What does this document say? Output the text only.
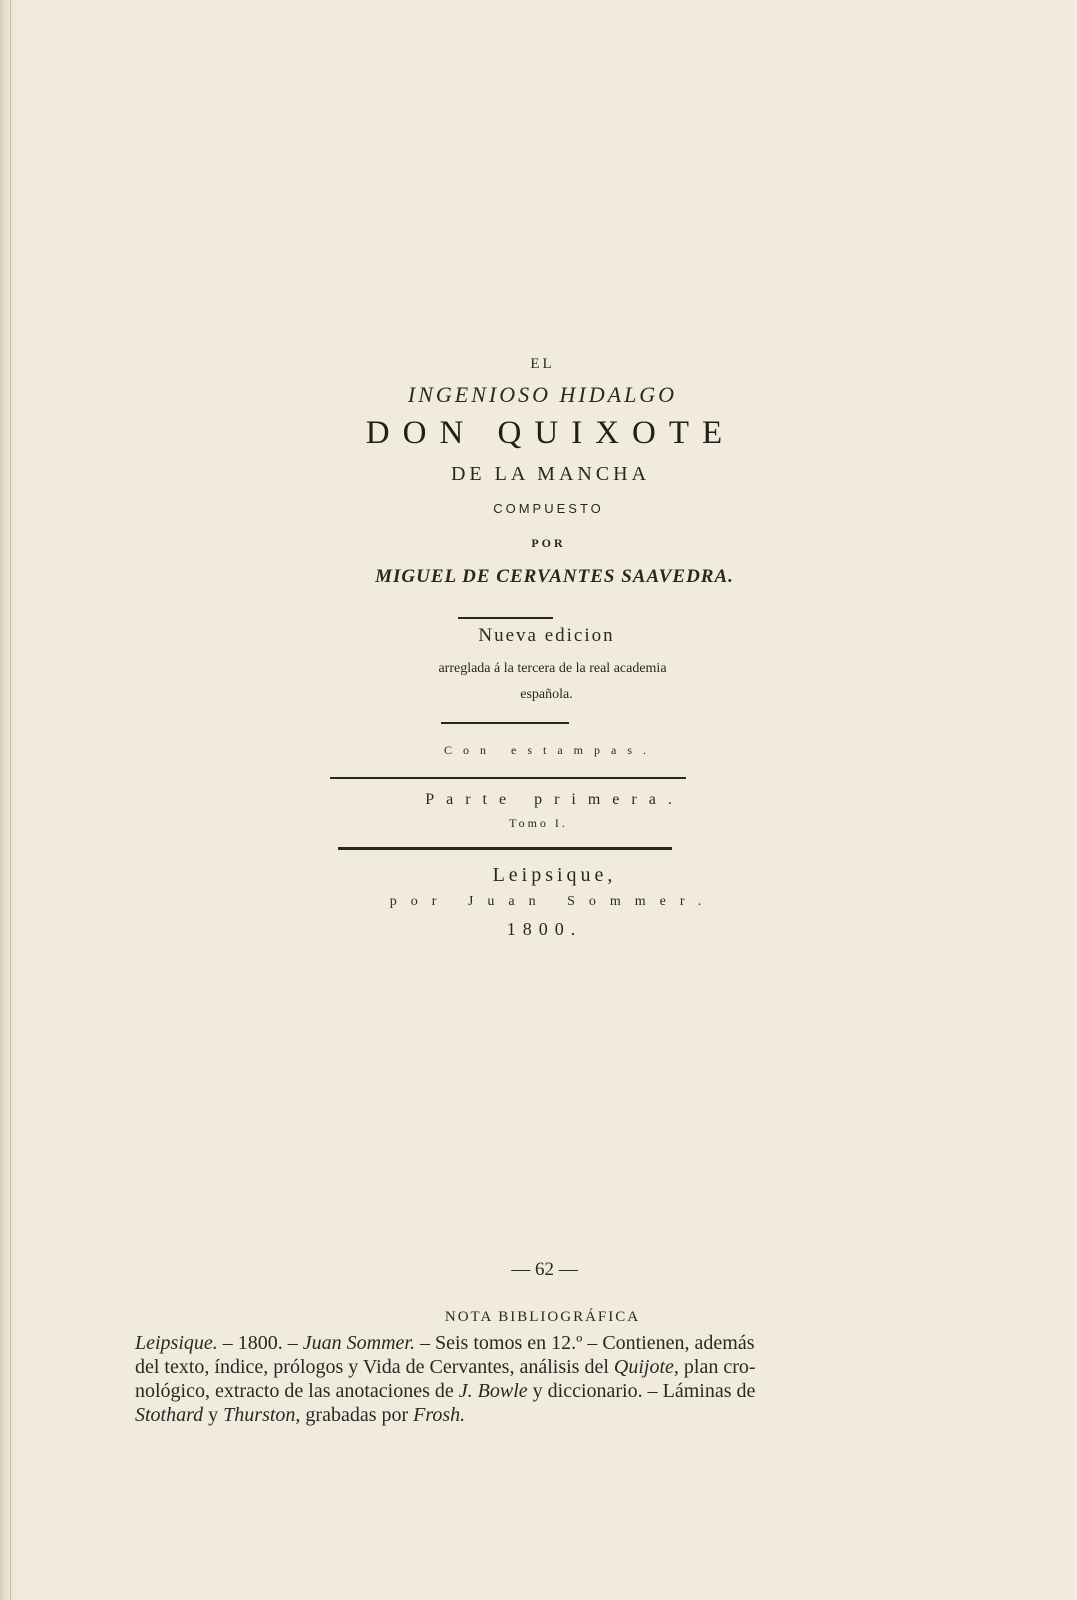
EL
INGENIOSO HIDALGO
DON QUIXOTE
DE LA MANCHA
COMPUESTO
POR
MIGUEL DE CERVANTES SAAVEDRA.
Nueva edicion
arreglada á la tercera de la real academia
española.
Con estampas.
Parte primera.
Tomo I.
Leipsique,
por Juan Sommer.
1800.
— 62 —
NOTA BIBLIOGRÁFICA
Leipsique. – 1800. – Juan Sommer. – Seis tomos en 12.º – Contienen, además
del texto, índice, prólogos y Vida de Cervantes, análisis del Quijote, plan cro-
nológico, extracto de las anotaciones de J. Bowle y diccionario. – Láminas de
Stothard y Thurston, grabadas por Frosh.
